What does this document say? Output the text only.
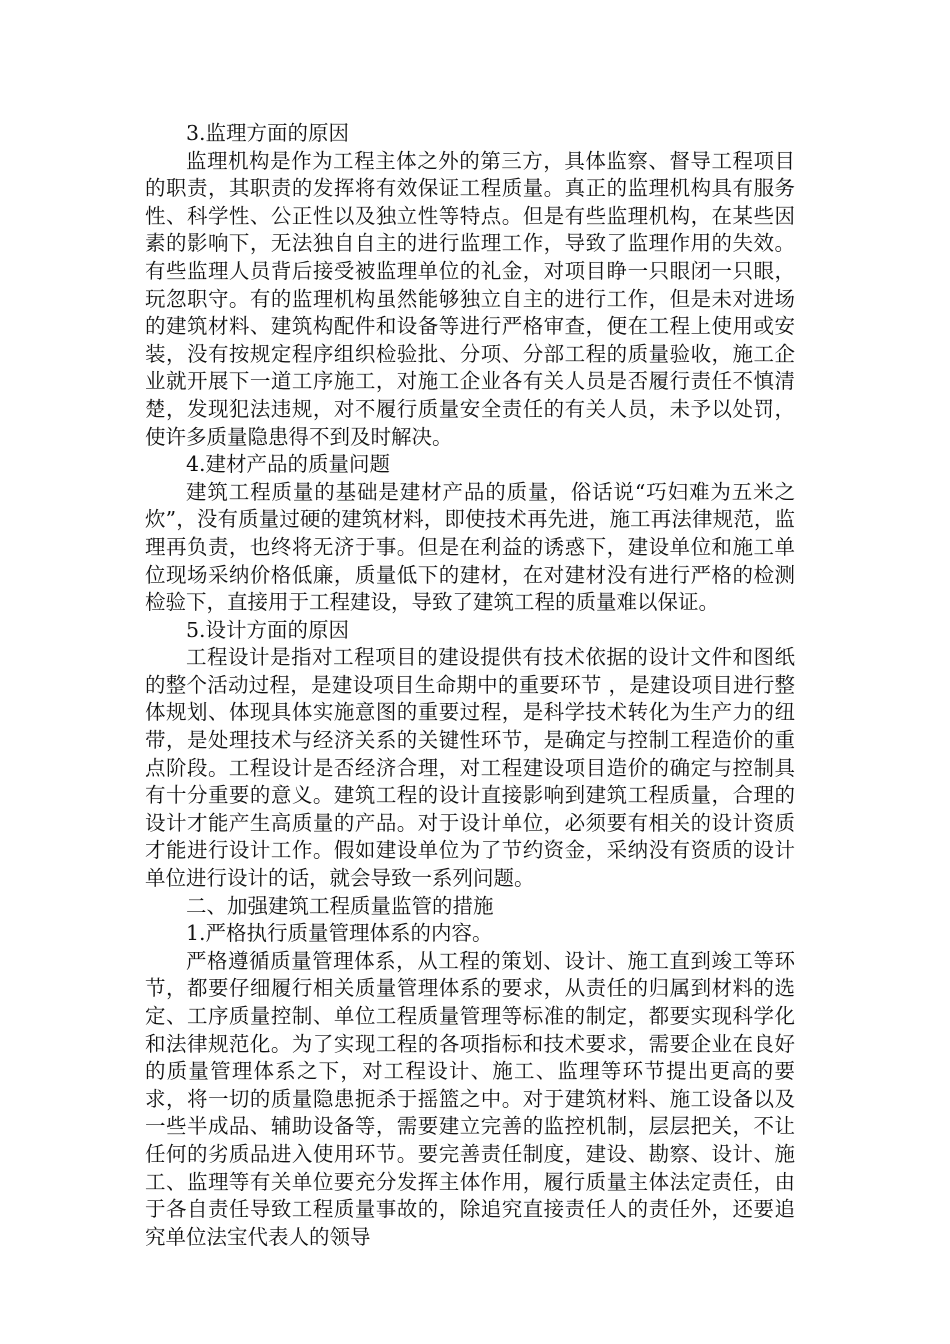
3.监理方面的原因

监理机构是作为工程主体之外的第三方，具体监察、督导工程项目的职责，其职责的发挥将有效保证工程质量。真正的监理机构具有服务性、科学性、公正性以及独立性等特点。但是有些监理机构，在某些因素的影响下，无法独自自主的进行监理工作，导致了监理作用的失效。有些监理人员背后接受被监理单位的礼金，对项目睁一只眼闭一只眼，玩忽职守。有的监理机构虽然能够独立自主的进行工作，但是未对进场的建筑材料、建筑构配件和设备等进行严格审查，便在工程上使用或安装，没有按规定程序组织检验批、分项、分部工程的质量验收，施工企业就开展下一道工序施工，对施工企业各有关人员是否履行责任不慎清楚，发现犯法违规，对不履行质量安全责任的有关人员，未予以处罚，使许多质量隐患得不到及时解决。

4.建材产品的质量问题

建筑工程质量的基础是建材产品的质量，俗话说“巧妇难为五米之炊”，没有质量过硬的建筑材料，即使技术再先进，施工再法律规范，监理再负责，也终将无济于事。但是在利益的诱惑下，建设单位和施工单位现场采纳价格低廉，质量低下的建材，在对建材没有进行严格的检测检验下，直接用于工程建设，导致了建筑工程的质量难以保证。

5.设计方面的原因

工程设计是指对工程项目的建设提供有技术依据的设计文件和图纸的整个活动过程，是建设项目生命期中的重要环节 ，是建设项目进行整体规划、体现具体实施意图的重要过程，是科学技术转化为生产力的纽带，是处理技术与经济关系的关键性环节，是确定与控制工程造价的重点阶段。工程设计是否经济合理，对工程建设项目造价的确定与控制具有十分重要的意义。建筑工程的设计直接影响到建筑工程质量，合理的设计才能产生高质量的产品。对于设计单位，必须要有相关的设计资质才能进行设计工作。假如建设单位为了节约资金，采纳没有资质的设计单位进行设计的话，就会导致一系列问题。

二、加强建筑工程质量监管的措施

1.严格执行质量管理体系的内容。

严格遵循质量管理体系，从工程的策划、设计、施工直到竣工等环节，都要仔细履行相关质量管理体系的要求，从责任的归属到材料的选定、工序质量控制、单位工程质量管理等标准的制定，都要实现科学化和法律规范化。为了实现工程的各项指标和技术要求，需要企业在良好的质量管理体系之下，对工程设计、施工、监理等环节提出更高的要求，将一切的质量隐患扼杀于摇篮之中。对于建筑材料、施工设备以及一些半成品、辅助设备等，需要建立完善的监控机制，层层把关，不让任何的劣质品进入使用环节。要完善责任制度，建设、勘察、设计、施工、监理等有关单位要充分发挥主体作用，履行质量主体法定责任，由于各自责任导致工程质量事故的，除追究直接责任人的责任外，还要追究单位法宝代表人的领导
